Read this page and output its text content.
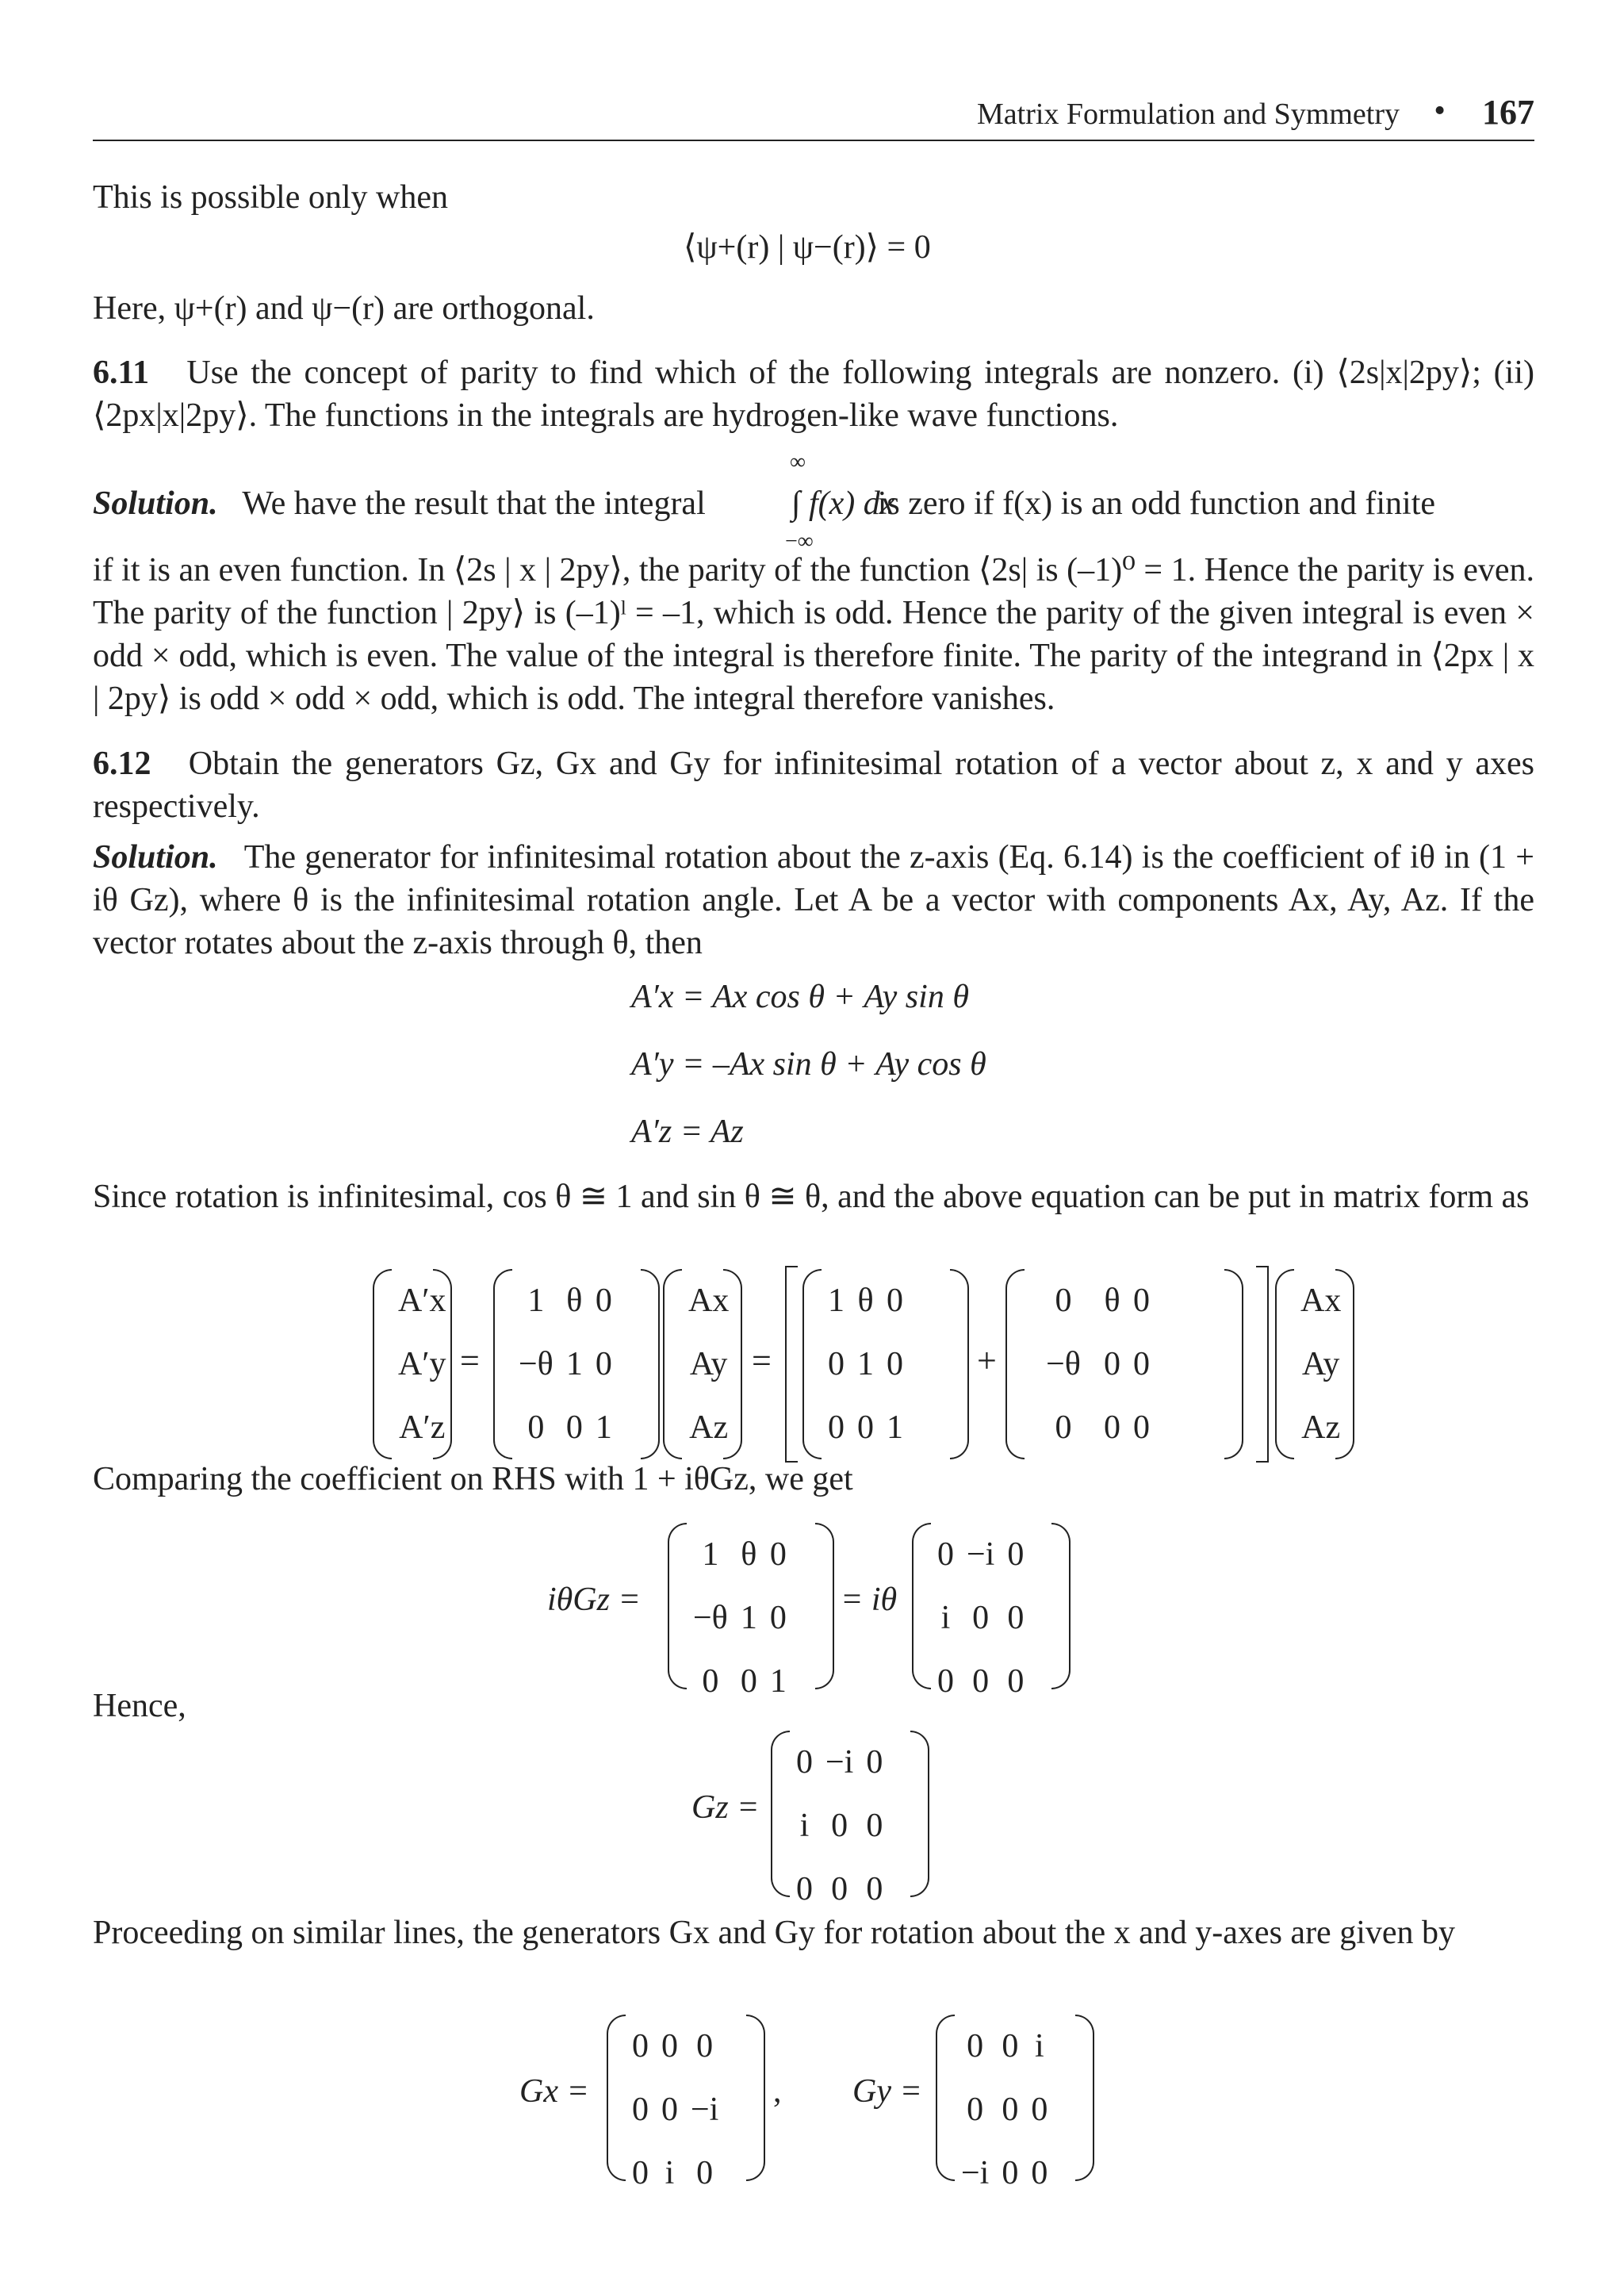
Matrix Formulation and Symmetry • 167
This is possible only when
⟨ψ+(r) | ψ−(r)⟩ = 0
Here, ψ+(r) and ψ−(r) are orthogonal.
6.11 Use the concept of parity to find which of the following integrals are nonzero. (i) ⟨2s|x|2py⟩; (ii) ⟨2px|x|2py⟩. The functions in the integrals are hydrogen-like wave functions.
Solution. We have the result that the integral	is zero if f(x) is an odd function and finite
∫ f(x) dx
∞
−∞
if it is an even function. In ⟨2s | x | 2py⟩, the parity of the function ⟨2s| is (–1)⁰ = 1. Hence the parity is even. The parity of the function | 2py⟩ is (–1)ˡ = –1, which is odd. Hence the parity of the given integral is even × odd × odd, which is even. The value of the integral is therefore finite. The parity of the integrand in ⟨2px | x | 2py⟩ is odd × odd × odd, which is odd. The integral therefore vanishes.
6.12 Obtain the generators Gz, Gx and Gy for infinitesimal rotation of a vector about z, x and y axes respectively.
Solution. The generator for infinitesimal rotation about the z-axis (Eq. 6.14) is the coefficient of iθ in (1 + iθ Gz), where θ is the infinitesimal rotation angle. Let A be a vector with components Ax, Ay, Az. If the vector rotates about the z-axis through θ, then
A′x = Ax cos θ + Ay sin θ
A′y = –Ax sin θ + Ay cos θ
A′z = Az
Since rotation is infinitesimal, cos θ ≅ 1 and sin θ ≅ θ, and the above equation can be put in matrix form as
A′x
A′y
A′z
=
1	θ	0
−θ	1	0
0	0	1
Ax
Ay
Az
=
1	θ	0
0	1	0
0	0	1
+
0	θ	0
−θ	0	0
0	0	0
Ax
Ay
Az
Comparing the coefficient on RHS with 1 + iθGz, we get
iθGz =
1	θ	0
−θ	1	0
0	0	1
= iθ
0	−i	0
i	0	0
0	0	0
Hence,
Gz =
0	−i	0
i	0	0
0	0	0
Proceeding on similar lines, the generators Gx and Gy for rotation about the x and y-axes are given by
Gx =
0	0	0
0	0	−i
0	i	0
, Gy =
0	0	i
0	0	0
−i	0	0
